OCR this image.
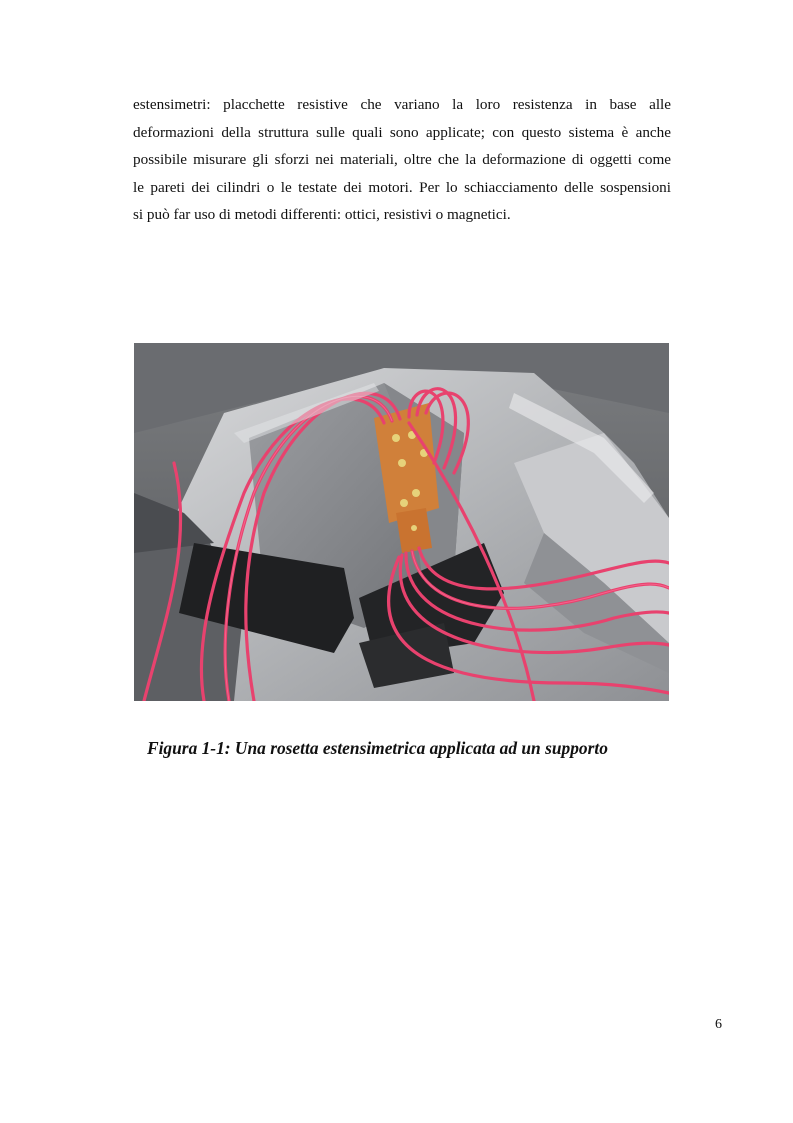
estensimetri: placchette resistive che variano la loro resistenza in base alle
deformazioni della struttura sulle quali sono applicate; con questo sistema è anche
possibile misurare gli sforzi nei materiali, oltre che la deformazione di oggetti come
le pareti dei cilindri o le testate dei motori. Per lo schiacciamento delle sospensioni
si può far uso di metodi differenti: ottici, resistivi o magnetici.
Figura 1-1: Una rosetta estensimetrica applicata ad un supporto
6
